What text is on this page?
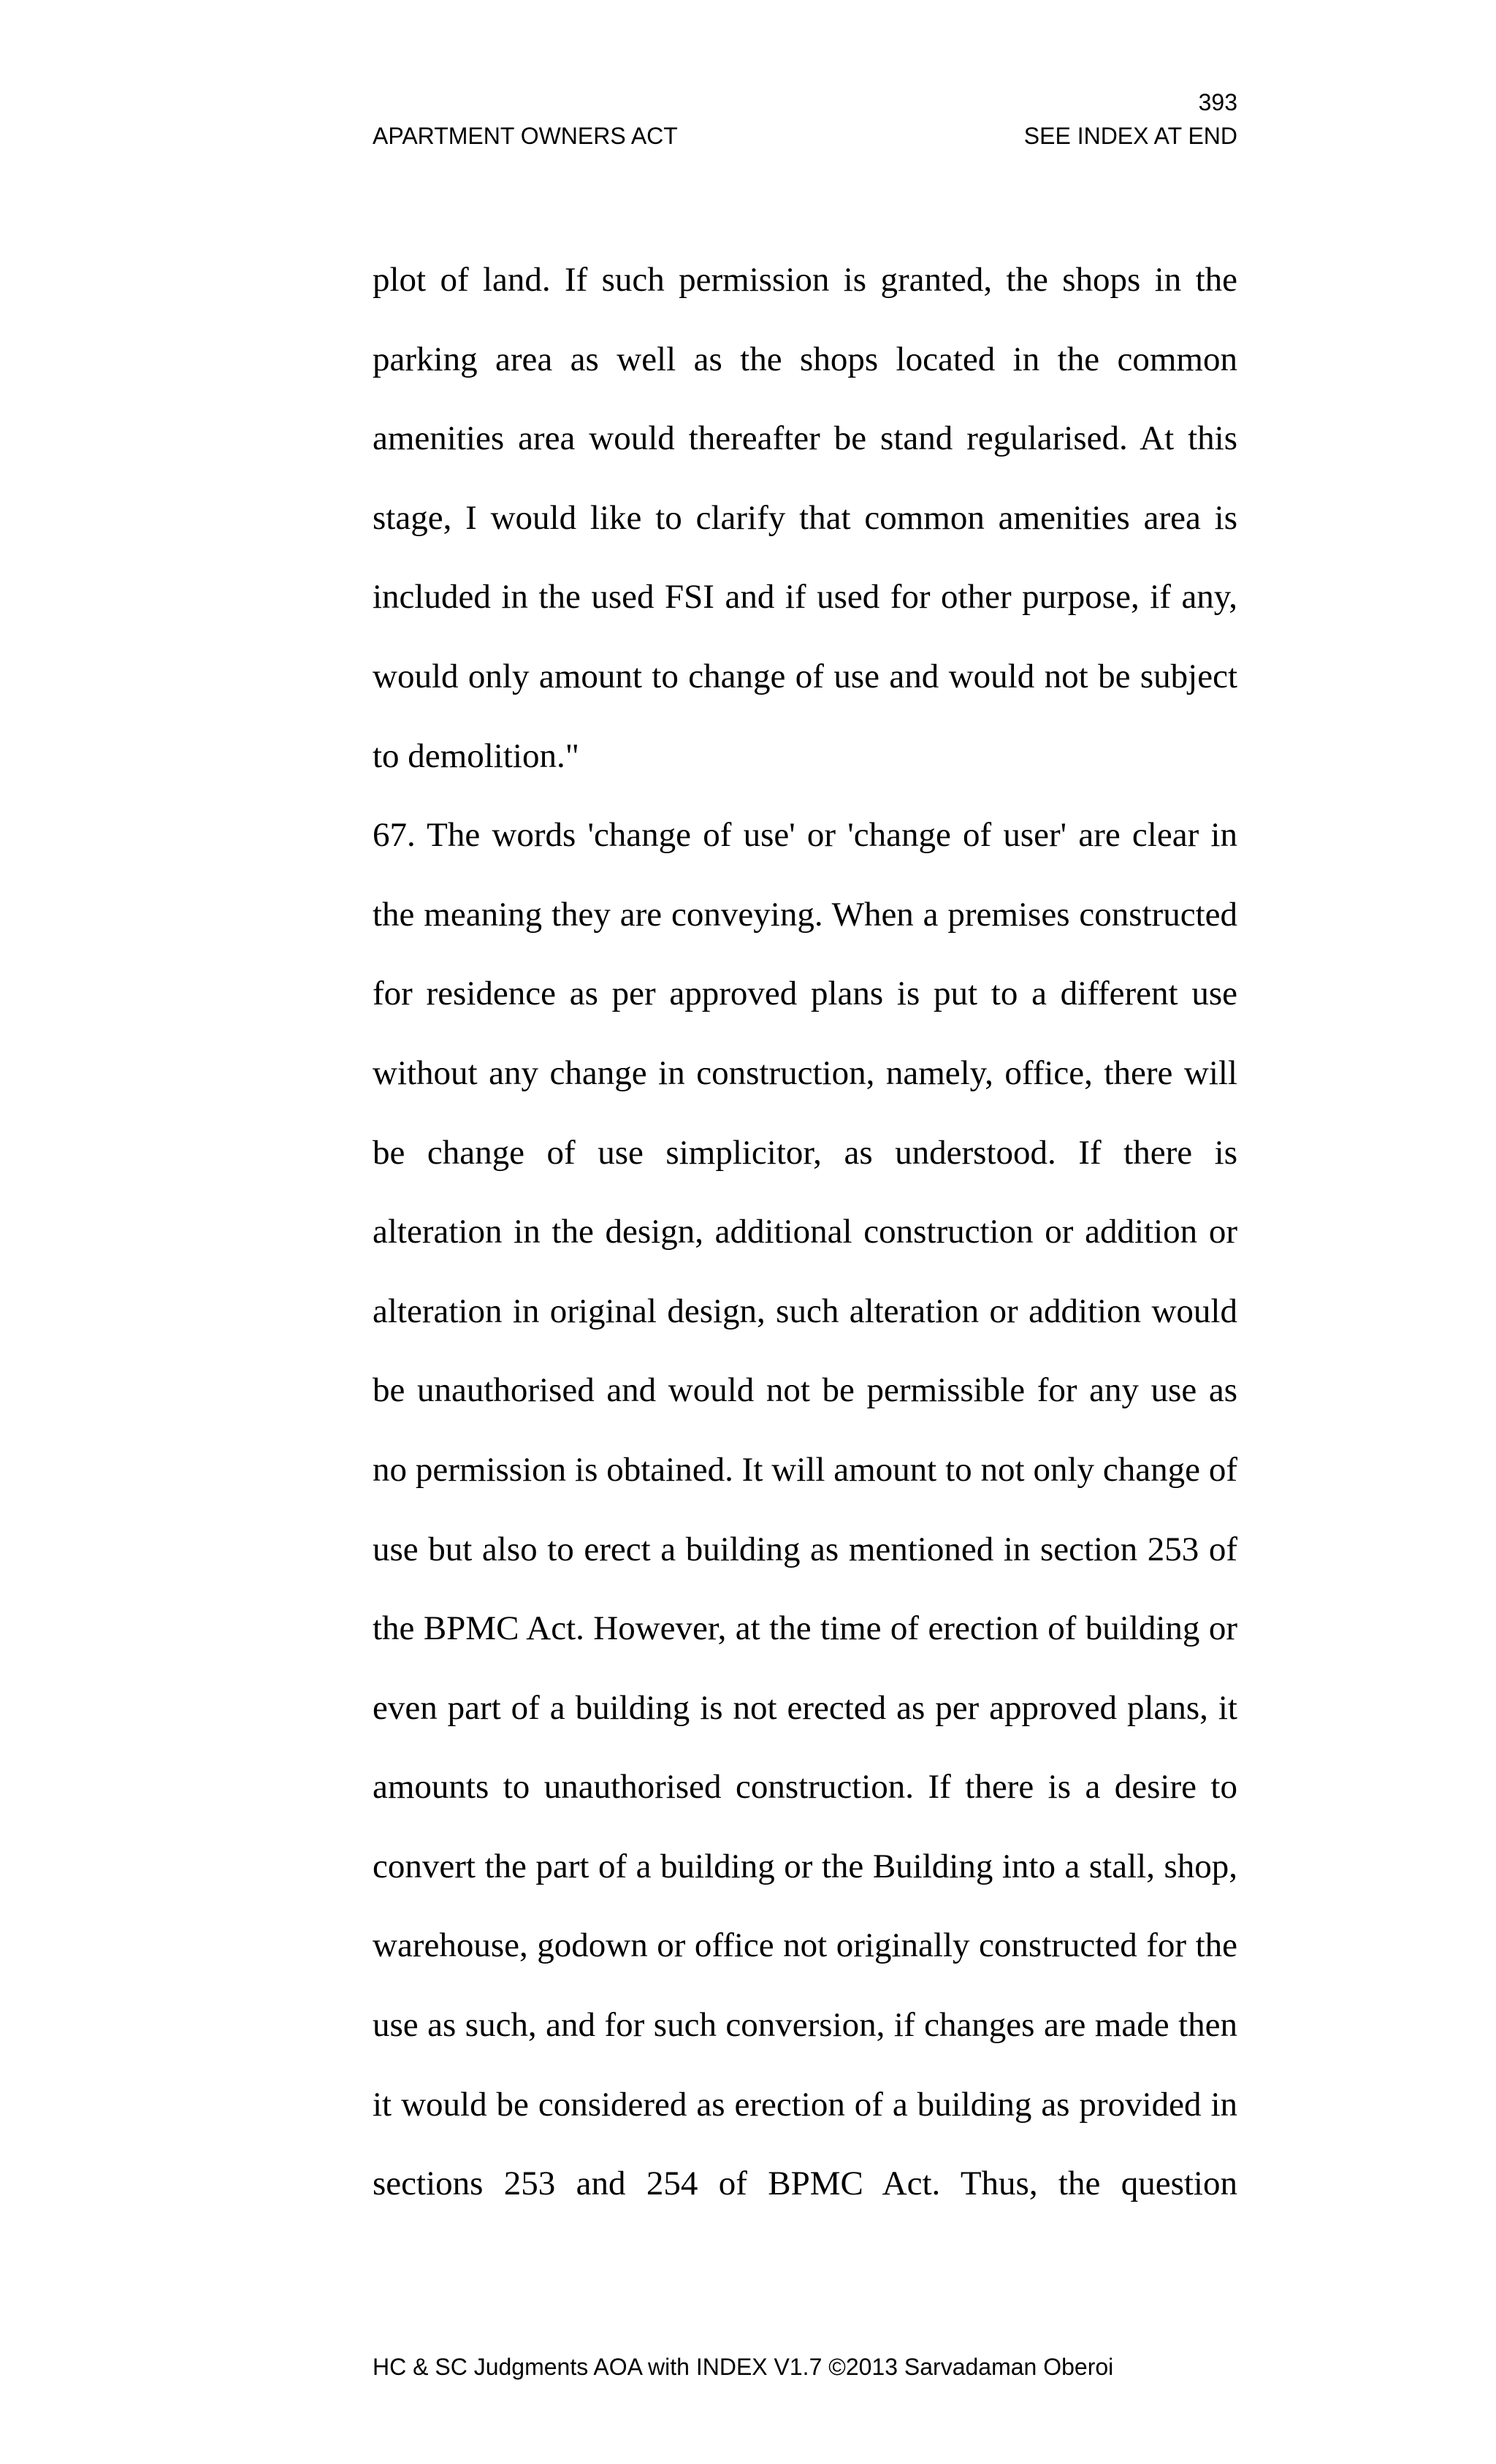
393
APARTMENT OWNERS ACT	SEE INDEX AT END
plot of land. If such permission is granted, the shops in the
parking area as well as the shops located in the common
amenities area would thereafter be stand regularised. At this
stage, I would like to clarify that common amenities area is
included in the used FSI and if used for other purpose, if any,
would only amount to change of use and would not be subject
to demolition."
67. The words 'change of use' or 'change of user' are clear in
the meaning they are conveying. When a premises constructed
for residence as per approved plans is put to a different use
without any change in construction, namely, office, there will
be change of use simplicitor, as understood. If there is
alteration in the design, additional construction or addition or
alteration in original design, such alteration or addition would
be unauthorised and would not be permissible for any use as
no permission is obtained. It will amount to not only change of
use but also to erect a building as mentioned in section 253 of
the BPMC Act. However, at the time of erection of building or
even part of a building is not erected as per approved plans, it
amounts to unauthorised construction. If there is a desire to
convert the part of a building or the Building into a stall, shop,
warehouse, godown or office not originally constructed for the
use as such, and for such conversion, if changes are made then
it would be considered as erection of a building as provided in
sections 253 and 254 of BPMC Act. Thus, the question
HC & SC Judgments AOA with INDEX V1.7 ©2013 Sarvadaman Oberoi
